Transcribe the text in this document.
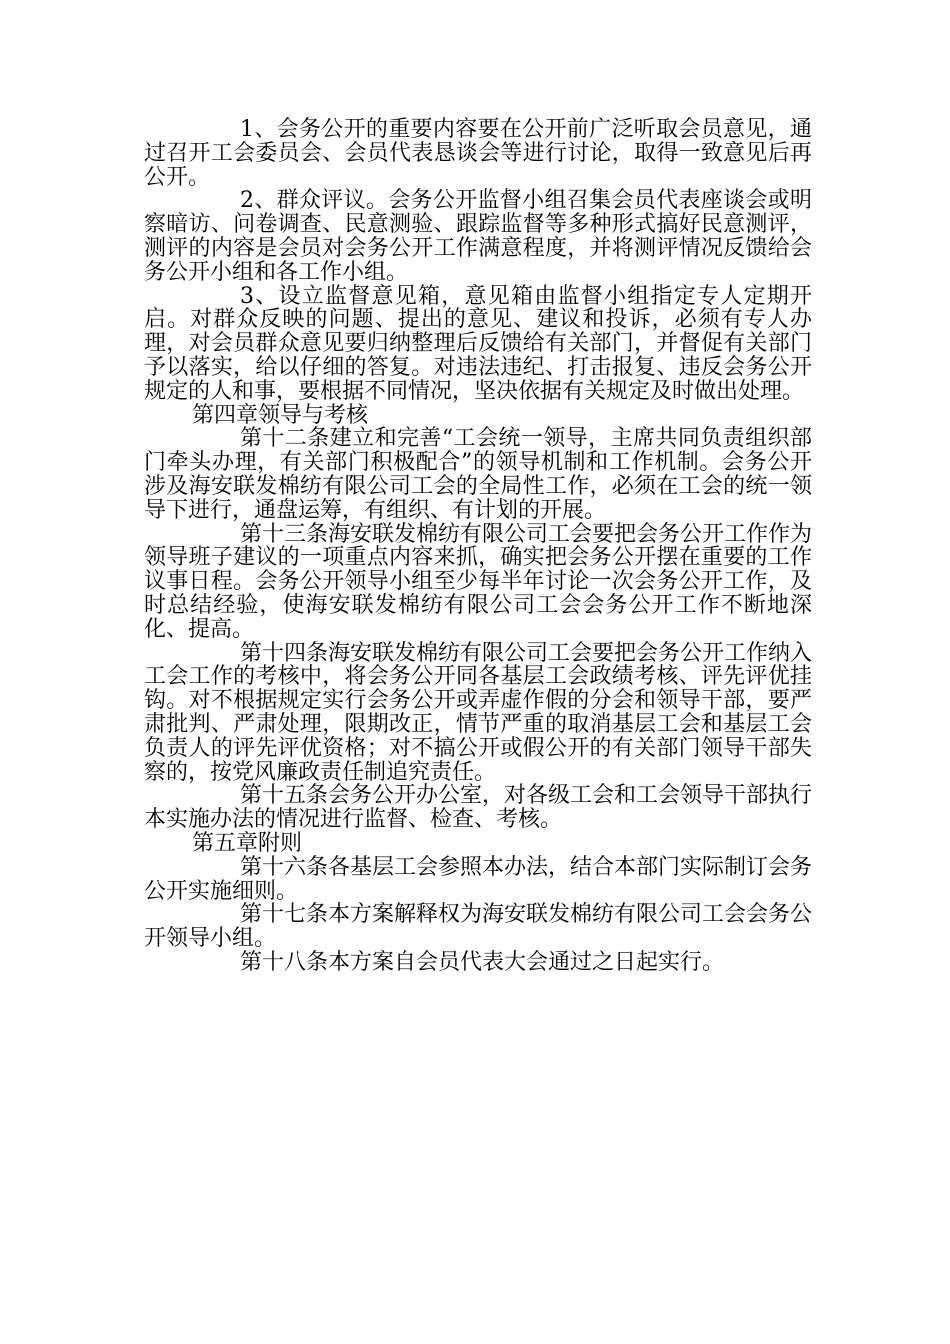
1、会务公开的重要内容要在公开前广泛听取会员意见，通过召开工会委员会、会员代表恳谈会等进行讨论，取得一致意见后再公开。

2、群众评议。会务公开监督小组召集会员代表座谈会或明察暗访、问卷调查、民意测验、跟踪监督等多种形式搞好民意测评，测评的内容是会员对会务公开工作满意程度，并将测评情况反馈给会务公开小组和各工作小组。

3、设立监督意见箱，意见箱由监督小组指定专人定期开启。对群众反映的问题、提出的意见、建议和投诉，必须有专人办理，对会员群众意见要归纳整理后反馈给有关部门，并督促有关部门予以落实，给以仔细的答复。对违法违纪、打击报复、违反会务公开规定的人和事，要根据不同情况，坚决依据有关规定及时做出处理。

第四章领导与考核

第十二条建立和完善“工会统一领导，主席共同负责组织部门牵头办理，有关部门积极配合”的领导机制和工作机制。会务公开涉及海安联发棉纺有限公司工会的全局性工作，必须在工会的统一领导下进行，通盘运筹，有组织、有计划的开展。

第十三条海安联发棉纺有限公司工会要把会务公开工作作为领导班子建议的一项重点内容来抓，确实把会务公开摆在重要的工作议事日程。会务公开领导小组至少每半年讨论一次会务公开工作，及时总结经验，使海安联发棉纺有限公司工会会务公开工作不断地深化、提高。

第十四条海安联发棉纺有限公司工会要把会务公开工作纳入工会工作的考核中，将会务公开同各基层工会政绩考核、评先评优挂钩。对不根据规定实行会务公开或弄虚作假的分会和领导干部，要严肃批判、严肃处理，限期改正，情节严重的取消基层工会和基层工会负责人的评先评优资格；对不搞公开或假公开的有关部门领导干部失察的，按党风廉政责任制追究责任。

第十五条会务公开办公室，对各级工会和工会领导干部执行本实施办法的情况进行监督、检查、考核。

第五章附则

第十六条各基层工会参照本办法，结合本部门实际制订会务公开实施细则。

第十七条本方案解释权为海安联发棉纺有限公司工会会务公开领导小组。

第十八条本方案自会员代表大会通过之日起实行。
